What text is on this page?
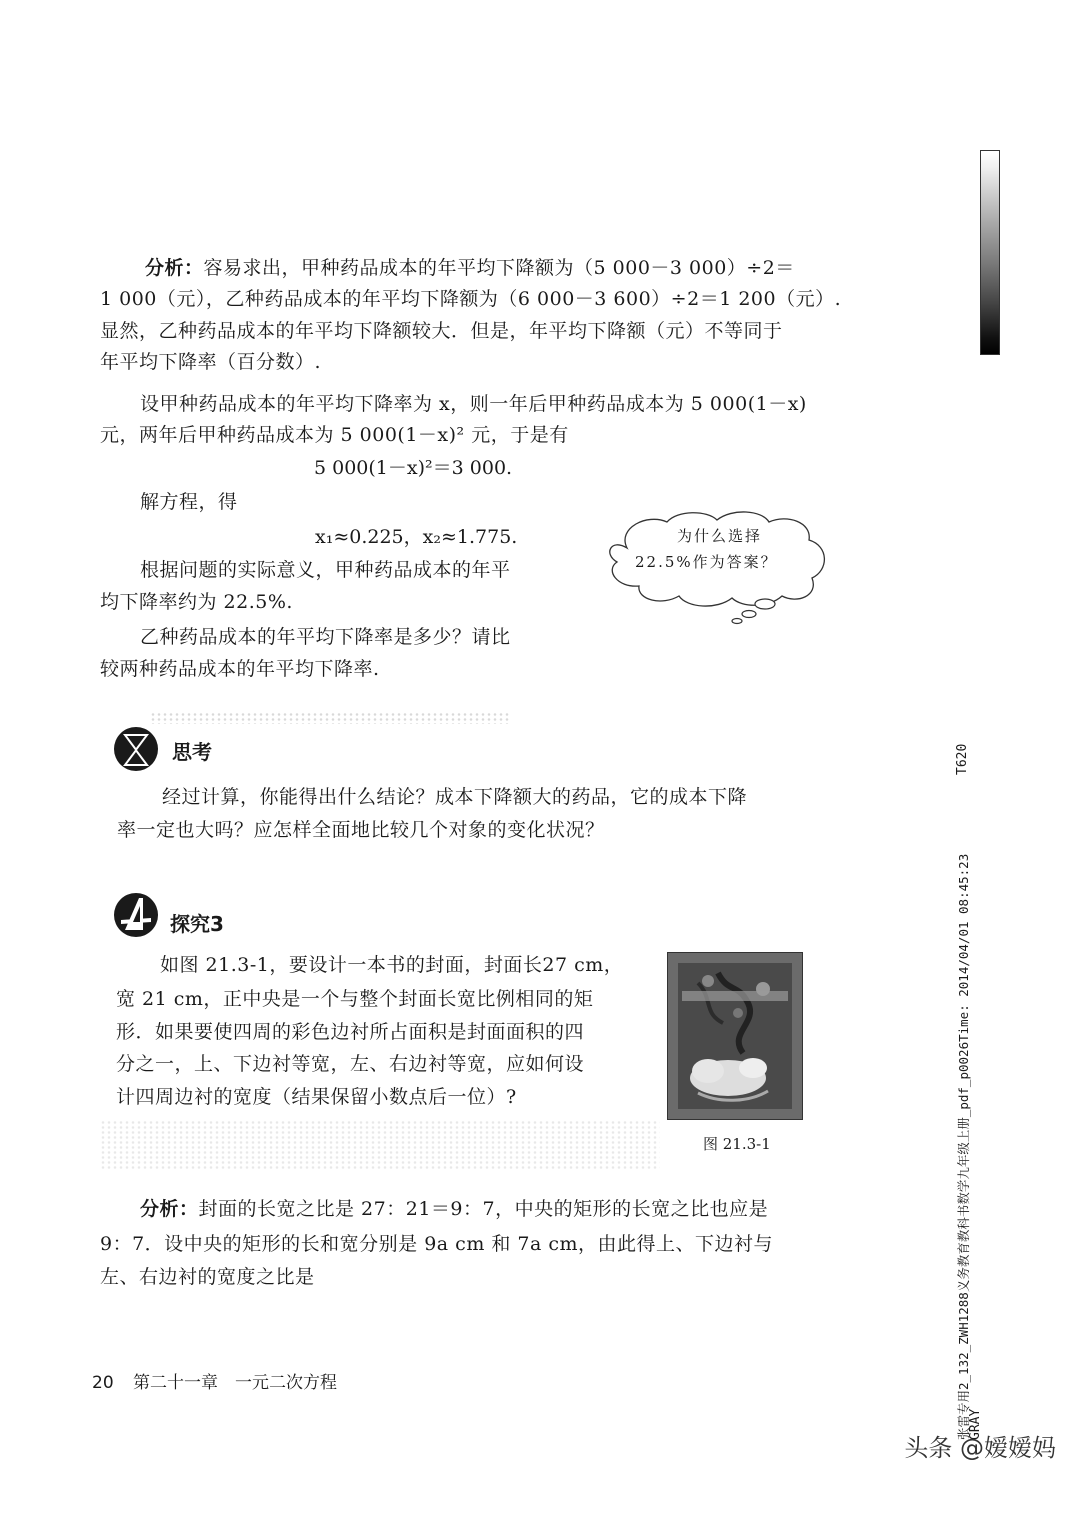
分析：容易求出，甲种药品成本的年平均下降额为（5 000－3 000）÷2＝
1 000（元），乙种药品成本的年平均下降额为（6 000－3 600）÷2＝1 200（元）.
显然，乙种药品成本的年平均下降额较大．但是，年平均下降额（元）不等同于
年平均下降率（百分数）.
设甲种药品成本的年平均下降率为 x，则一年后甲种药品成本为 5 000(1－x)
元，两年后甲种药品成本为 5 000(1－x)² 元，于是有
5 000(1－x)²＝3 000.
解方程，得
x₁≈0.225，x₂≈1.775.
根据问题的实际意义，甲种药品成本的年平
均下降率约为 22.5%.
乙种药品成本的年平均下降率是多少？请比
较两种药品成本的年平均下降率.
为什么选择
22.5%作为答案？
思考
经过计算，你能得出什么结论？成本下降额大的药品，它的成本下降
率一定也大吗？应怎样全面地比较几个对象的变化状况？
探究3
如图 21.3-1，要设计一本书的封面，封面长27 cm，
宽 21 cm，正中央是一个与整个封面长宽比例相同的矩
形．如果要使四周的彩色边衬所占面积是封面面积的四
分之一，上、下边衬等宽，左、右边衬等宽，应如何设
计四周边衬的宽度（结果保留小数点后一位）?
图 21.3-1
分析：封面的长宽之比是 27：21＝9：7，中央的矩形的长宽之比也应是
9：7．设中央的矩形的长和宽分别是 9a cm 和 7a cm，由此得上、下边衬与
左、右边衬的宽度之比是
20 第二十一章　一元二次方程
T620
张雷专用2_132_ZWH1288义务教育教科书数学九年级上册_pdf_p0026Time: 2014/04/01 08:45:23
GRAY
头条 @嫒嫒妈
